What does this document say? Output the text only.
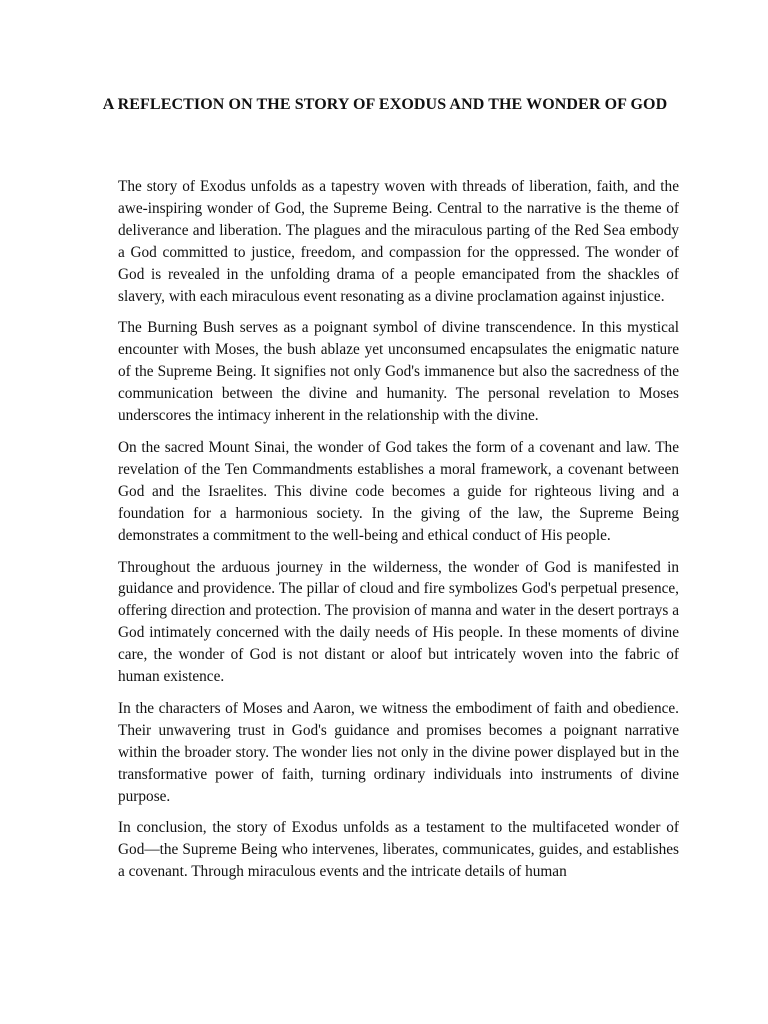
A REFLECTION ON THE STORY OF EXODUS AND THE WONDER OF GOD

The story of Exodus unfolds as a tapestry woven with threads of liberation, faith, and the awe-inspiring wonder of God, the Supreme Being. Central to the narrative is the theme of deliverance and liberation. The plagues and the miraculous parting of the Red Sea embody a God committed to justice, freedom, and compassion for the oppressed. The wonder of God is revealed in the unfolding drama of a people emancipated from the shackles of slavery, with each miraculous event resonating as a divine proclamation against injustice.

The Burning Bush serves as a poignant symbol of divine transcendence. In this mystical encounter with Moses, the bush ablaze yet unconsumed encapsulates the enigmatic nature of the Supreme Being. It signifies not only God's immanence but also the sacredness of the communication between the divine and humanity. The personal revelation to Moses underscores the intimacy inherent in the relationship with the divine.

On the sacred Mount Sinai, the wonder of God takes the form of a covenant and law. The revelation of the Ten Commandments establishes a moral framework, a covenant between God and the Israelites. This divine code becomes a guide for righteous living and a foundation for a harmonious society. In the giving of the law, the Supreme Being demonstrates a commitment to the well-being and ethical conduct of His people.

Throughout the arduous journey in the wilderness, the wonder of God is manifested in guidance and providence. The pillar of cloud and fire symbolizes God's perpetual presence, offering direction and protection. The provision of manna and water in the desert portrays a God intimately concerned with the daily needs of His people. In these moments of divine care, the wonder of God is not distant or aloof but intricately woven into the fabric of human existence.

In the characters of Moses and Aaron, we witness the embodiment of faith and obedience. Their unwavering trust in God's guidance and promises becomes a poignant narrative within the broader story. The wonder lies not only in the divine power displayed but in the transformative power of faith, turning ordinary individuals into instruments of divine purpose.

In conclusion, the story of Exodus unfolds as a testament to the multifaceted wonder of God—the Supreme Being who intervenes, liberates, communicates, guides, and establishes a covenant. Through miraculous events and the intricate details of human
